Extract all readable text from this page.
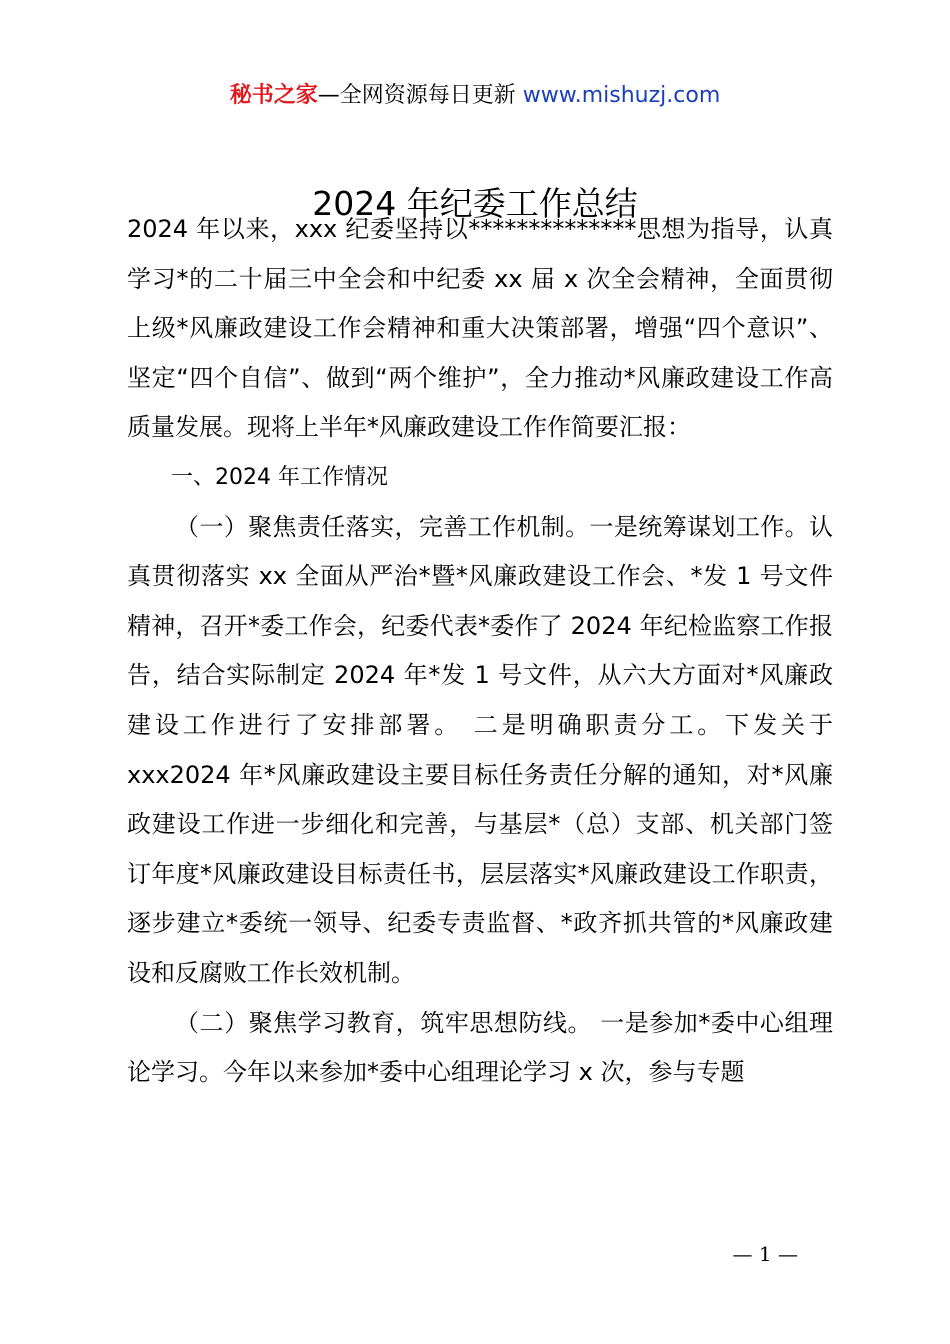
秘书之家—全网资源每日更新 www.mishuzj.com
2024 年纪委工作总结

2024 年以来，xxx 纪委坚持以**************思想为指导，认真学习*的二十届三中全会和中纪委 xx 届 x 次全会精神，全面贯彻上级*风廉政建设工作会精神和重大决策部署，增强“四个意识”、坚定“四个自信”、做到“两个维护”，全力推动*风廉政建设工作高质量发展。现将上半年*风廉政建设工作作简要汇报：

一、2024 年工作情况

（一）聚焦责任落实，完善工作机制。一是统筹谋划工作。认真贯彻落实 xx 全面从严治*暨*风廉政建设工作会、*发 1 号文件精神，召开*委工作会，纪委代表*委作了 2024 年纪检监察工作报告，结合实际制定 2024 年*发 1 号文件，从六大方面对*风廉政建设工作进行了安排部署。 二是明确职责分工。下发关于 xxx2024 年*风廉政建设主要目标任务责任分解的通知，对*风廉政建设工作进一步细化和完善，与基层*（总）支部、机关部门签订年度*风廉政建设目标责任书，层层落实*风廉政建设工作职责，逐步建立*委统一领导、纪委专责监督、*政齐抓共管的*风廉政建设和反腐败工作长效机制。

（二）聚焦学习教育，筑牢思想防线。 一是参加*委中心组理论学习。今年以来参加*委中心组理论学习 x 次，参与专题

— 1 —
